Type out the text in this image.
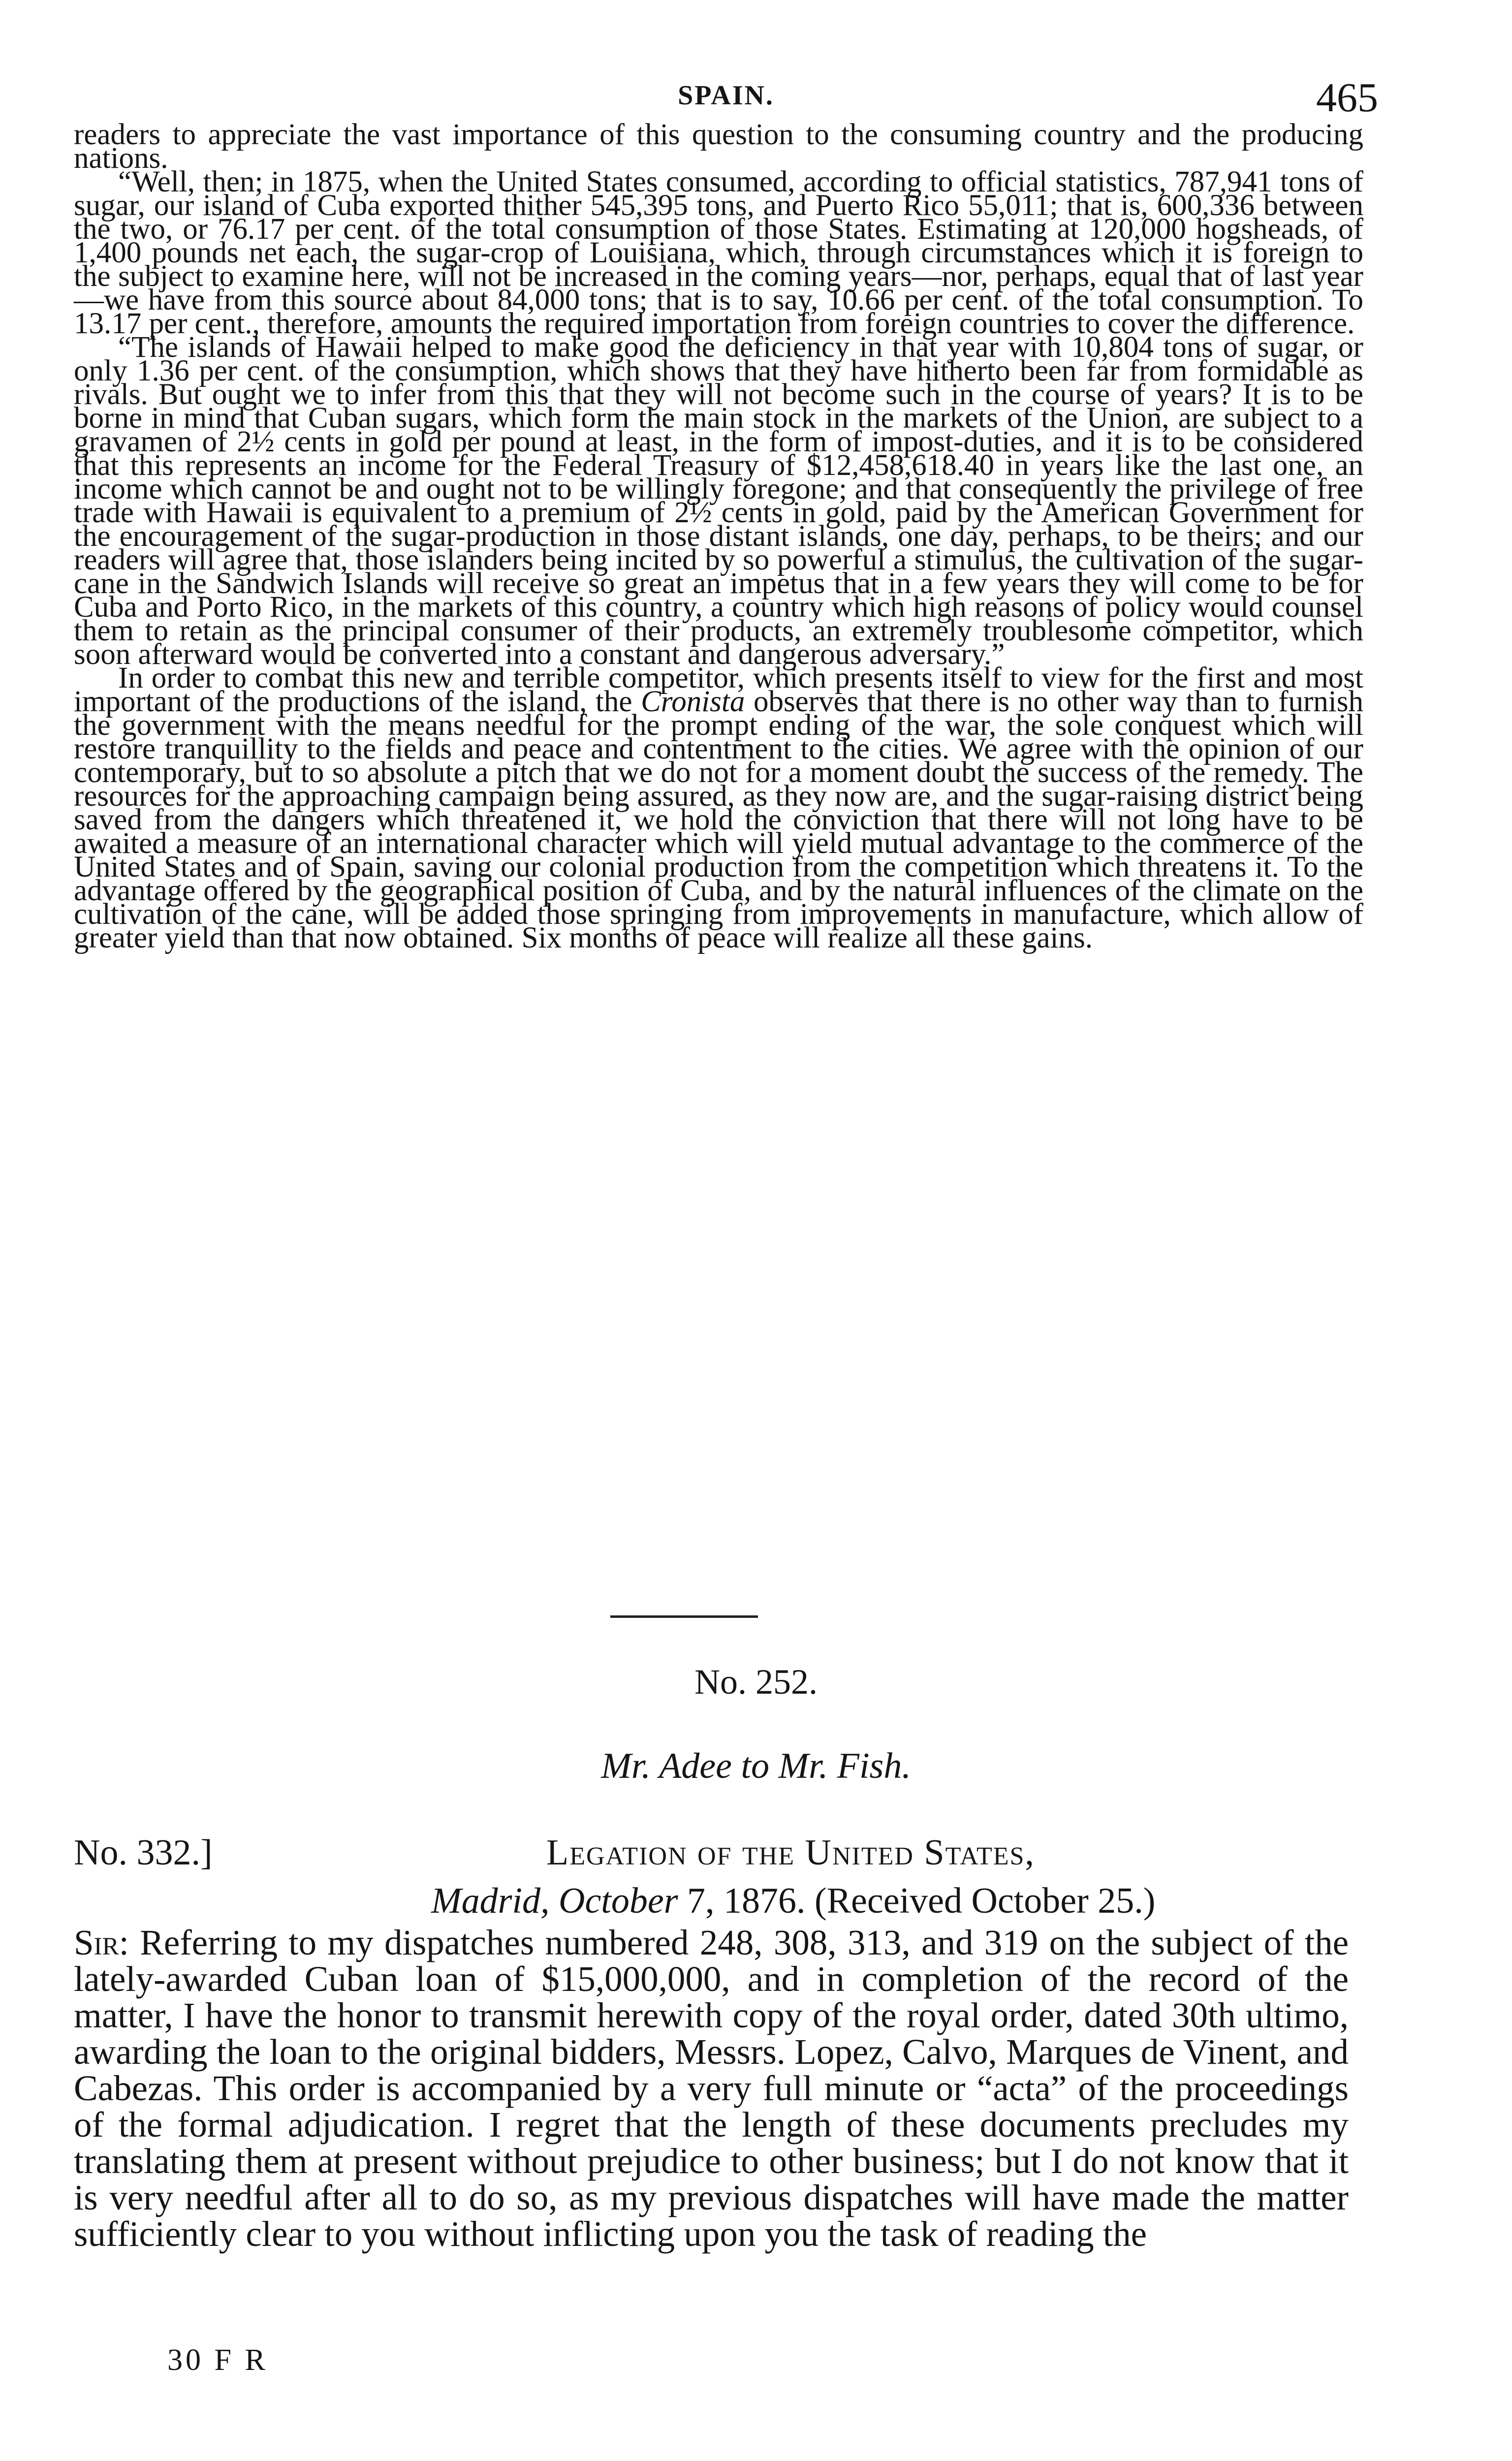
SPAIN.	465

readers to appreciate the vast importance of this question to the consuming country and the producing nations.

“Well, then; in 1875, when the United States consumed, according to official statistics, 787,941 tons of sugar, our island of Cuba exported thither 545,395 tons, and Puerto Rico 55,011; that is, 600,336 between the two, or 76.17 per cent. of the total consumption of those States. Estimating at 120,000 hogsheads, of 1,400 pounds net each, the sugar-crop of Louisiana, which, through circumstances which it is foreign to the subject to examine here, will not be increased in the coming years—nor, perhaps, equal that of last year—we have from this source about 84,000 tons; that is to say, 10.66 per cent. of the total consumption. To 13.17 per cent., therefore, amounts the required importation from foreign countries to cover the difference.

“The islands of Hawaii helped to make good the deficiency in that year with 10,804 tons of sugar, or only 1.36 per cent. of the consumption, which shows that they have hitherto been far from formidable as rivals. But ought we to infer from this that they will not become such in the course of years? It is to be borne in mind that Cuban sugars, which form the main stock in the markets of the Union, are subject to a gravamen of 2½ cents in gold per pound at least, in the form of impost-duties, and it is to be considered that this represents an income for the Federal Treasury of $12,458,618.40 in years like the last one, an income which cannot be and ought not to be willingly foregone; and that consequently the privilege of free trade with Hawaii is equivalent to a premium of 2½ cents in gold, paid by the American Government for the encouragement of the sugar-production in those distant islands, one day, perhaps, to be theirs; and our readers will agree that, those islanders being incited by so powerful a stimulus, the cultivation of the sugar-cane in the Sandwich Islands will receive so great an impetus that in a few years they will come to be for Cuba and Porto Rico, in the markets of this country, a country which high reasons of policy would counsel them to retain as the principal consumer of their products, an extremely troublesome competitor, which soon afterward would be converted into a constant and dangerous adversary.”

In order to combat this new and terrible competitor, which presents itself to view for the first and most important of the productions of the island, the Cronista observes that there is no other way than to furnish the government with the means needful for the prompt ending of the war, the sole conquest which will restore tranquillity to the fields and peace and contentment to the cities. We agree with the opinion of our contemporary, but to so absolute a pitch that we do not for a moment doubt the success of the remedy. The resources for the approaching campaign being assured, as they now are, and the sugar-raising district being saved from the dangers which threatened it, we hold the conviction that there will not long have to be awaited a measure of an international character which will yield mutual advantage to the commerce of the United States and of Spain, saving our colonial production from the competition which threatens it. To the advantage offered by the geographical position of Cuba, and by the natural influences of the climate on the cultivation of the cane, will be added those springing from improvements in manufacture, which allow of greater yield than that now obtained. Six months of peace will realize all these gains.

No. 252.
Mr. Adee to Mr. Fish.
No. 332.]	Legation of the United States,
Madrid, October 7, 1876. (Received October 25.)

Sir: Referring to my dispatches numbered 248, 308, 313, and 319 on the subject of the lately-awarded Cuban loan of $15,000,000, and in completion of the record of the matter, I have the honor to transmit herewith copy of the royal order, dated 30th ultimo, awarding the loan to the original bidders, Messrs. Lopez, Calvo, Marques de Vinent, and Cabezas. This order is accompanied by a very full minute or “acta” of the proceedings of the formal adjudication. I regret that the length of these documents precludes my translating them at present without prejudice to other business; but I do not know that it is very needful after all to do so, as my previous dispatches will have made the matter sufficiently clear to you without inflicting upon you the task of reading the

30 F R
